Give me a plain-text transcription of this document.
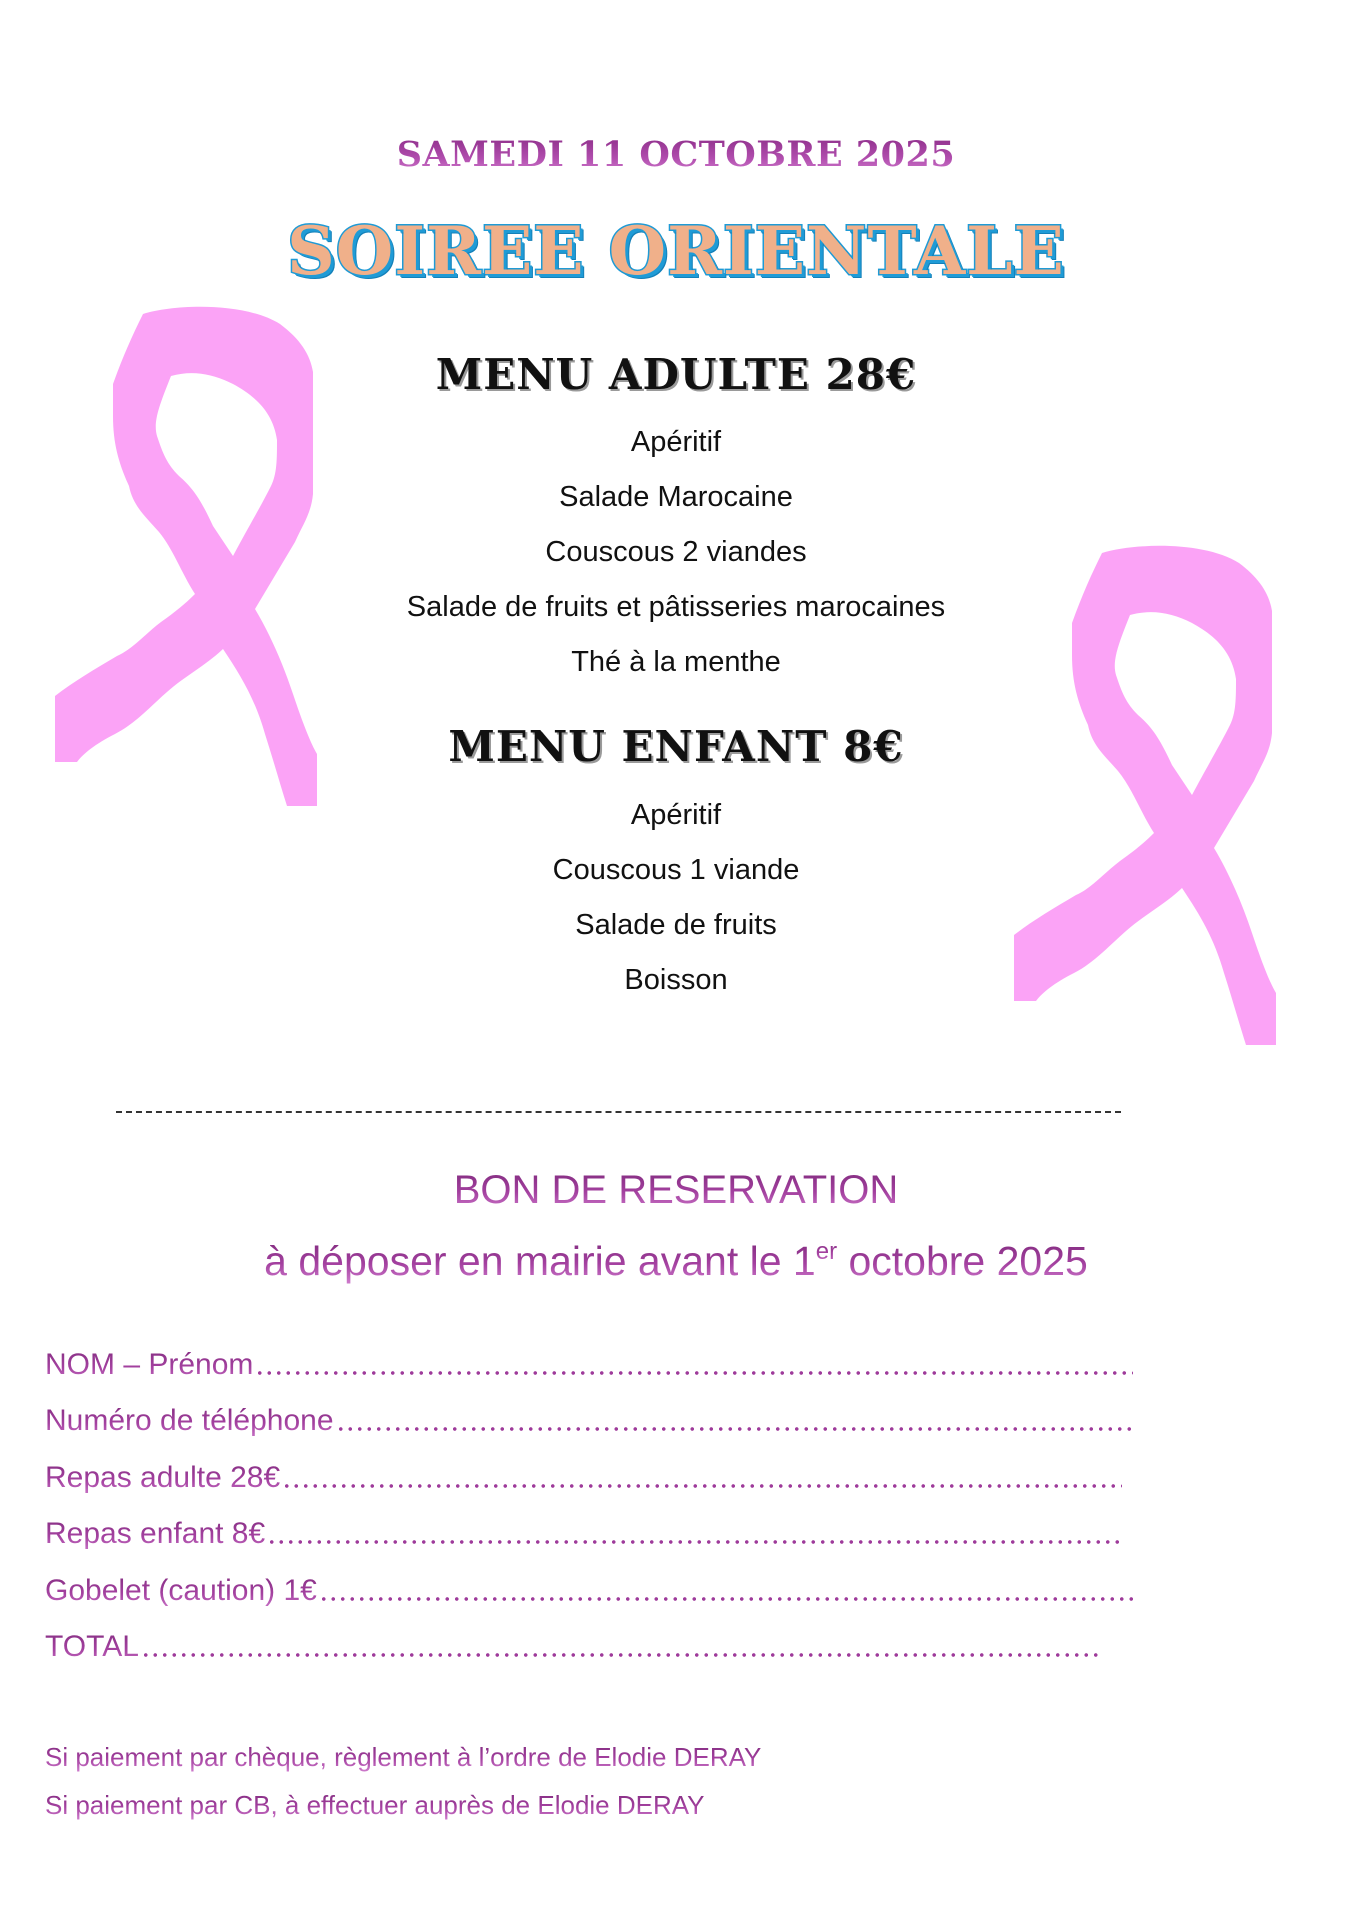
SAMEDI 11 OCTOBRE 2025
SOIREE ORIENTALE
MENU ADULTE 28€
Apéritif
Salade Marocaine
Couscous 2 viandes
Salade de fruits et pâtisseries marocaines
Thé à la menthe
MENU ENFANT 8€
Apéritif
Couscous 1 viande
Salade de fruits
Boisson
BON DE RESERVATION
à déposer en mairie avant le 1er octobre 2025
NOM – Prénom
Numéro de téléphone
Repas adulte 28€
Repas enfant 8€
Gobelet (caution) 1€
TOTAL
Si paiement par chèque, règlement à l’ordre de Elodie DERAY
Si paiement par CB, à effectuer auprès de Elodie DERAY
